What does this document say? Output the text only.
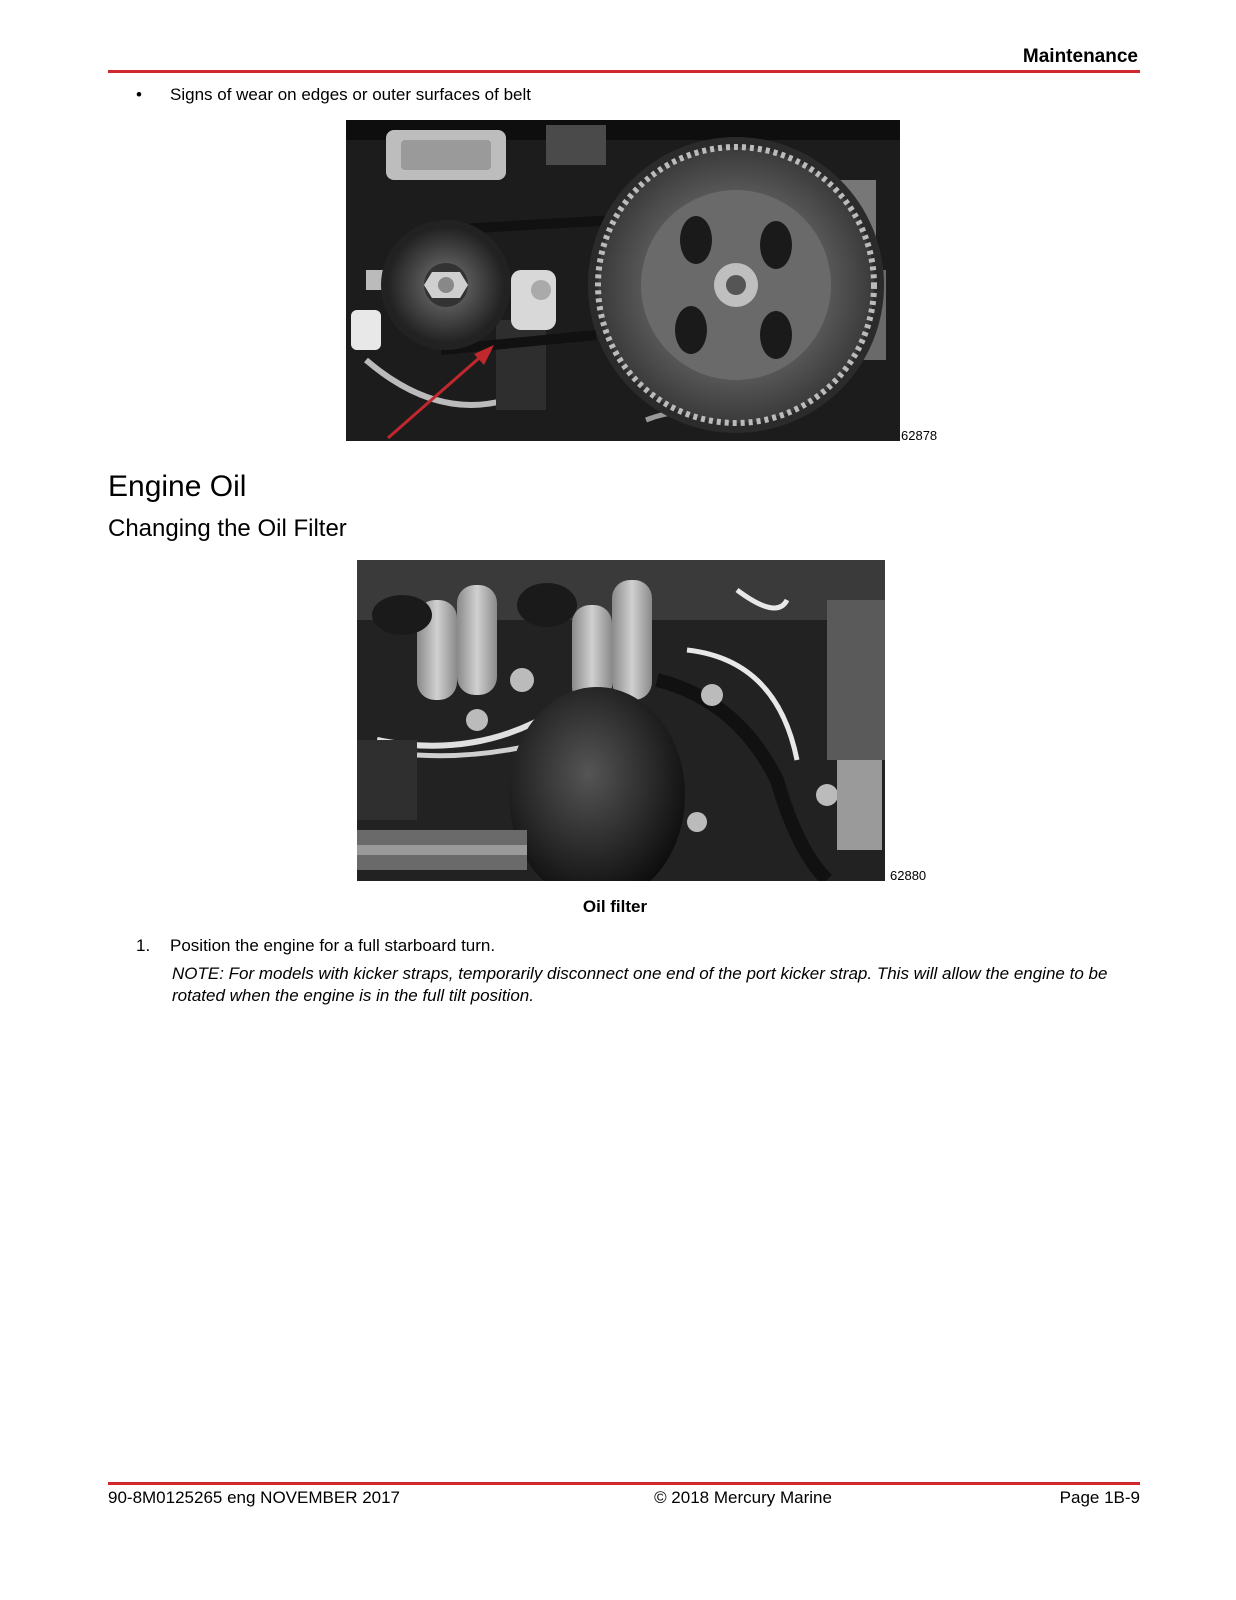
Maintenance
• Signs of wear on edges or outer surfaces of belt
62878
Engine Oil
Changing the Oil Filter
62880
Oil filter
1. Position the engine for a full starboard turn.
NOTE: For models with kicker straps, temporarily disconnect one end of the port kicker strap. This will allow the engine to be rotated when the engine is in the full tilt position.
90-8M0125265 eng NOVEMBER 2017	© 2018 Mercury Marine	Page 1B-9
